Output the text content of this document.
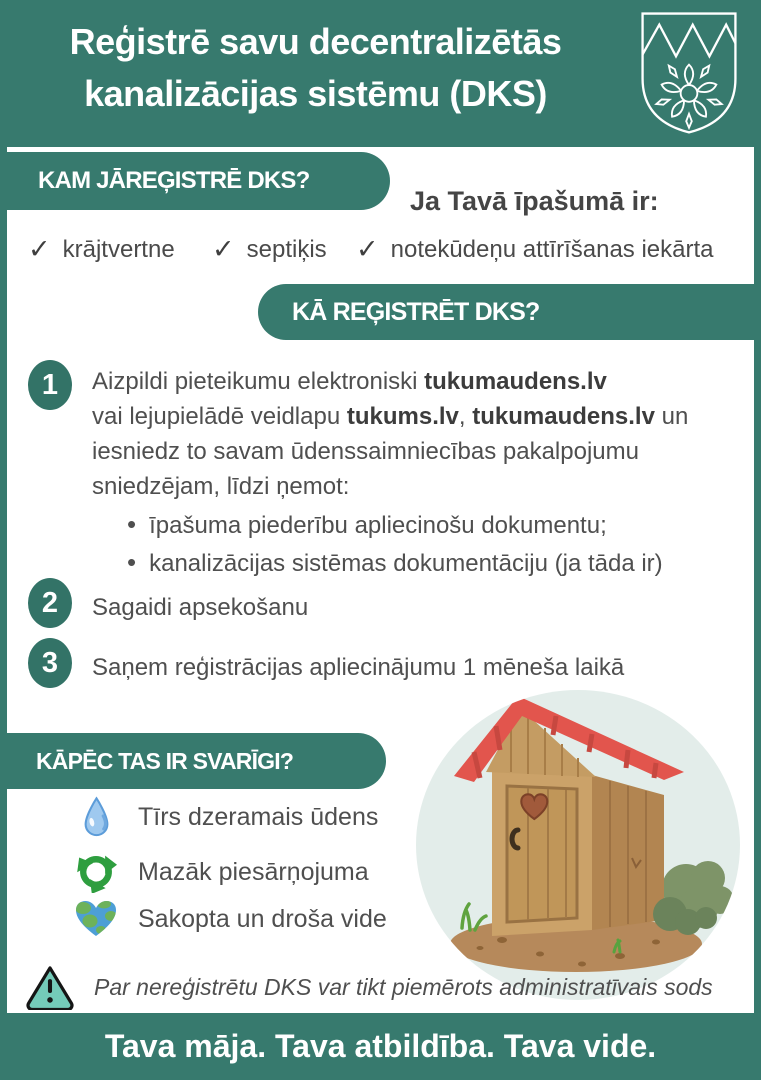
Reģistrē savu decentralizētās
kanalizācijas sistēmu (DKS)
KAM JĀREĢISTRĒ DKS?
Ja Tavā īpašumā ir:
✓ krājtvertne ✓ septiķis ✓ notekūdeņu attīrīšanas iekārta
KĀ REĢISTRĒT DKS?
1	Aizpildi pieteikumu elektroniski tukumaudens.lv
vai lejupielādē veidlapu tukums.lv, tukumaudens.lv un
iesniedz to savam ūdenssaimniecības pakalpojumu
sniedzējam, līdzi ņemot:
• īpašuma piederību apliecinošu dokumentu;
• kanalizācijas sistēmas dokumentāciju (ja tāda ir)
2	Sagaidi apsekošanu
3	Saņem reģistrācijas apliecinājumu 1 mēneša laikā
KĀPĒC TAS IR SVARĪGI?
Tīrs dzeramais ūdens
Mazāk piesārņojuma
Sakopta un droša vide
Par nereģistrētu DKS var tikt piemērots administratīvais sods
Tava māja. Tava atbildība. Tava vide.
